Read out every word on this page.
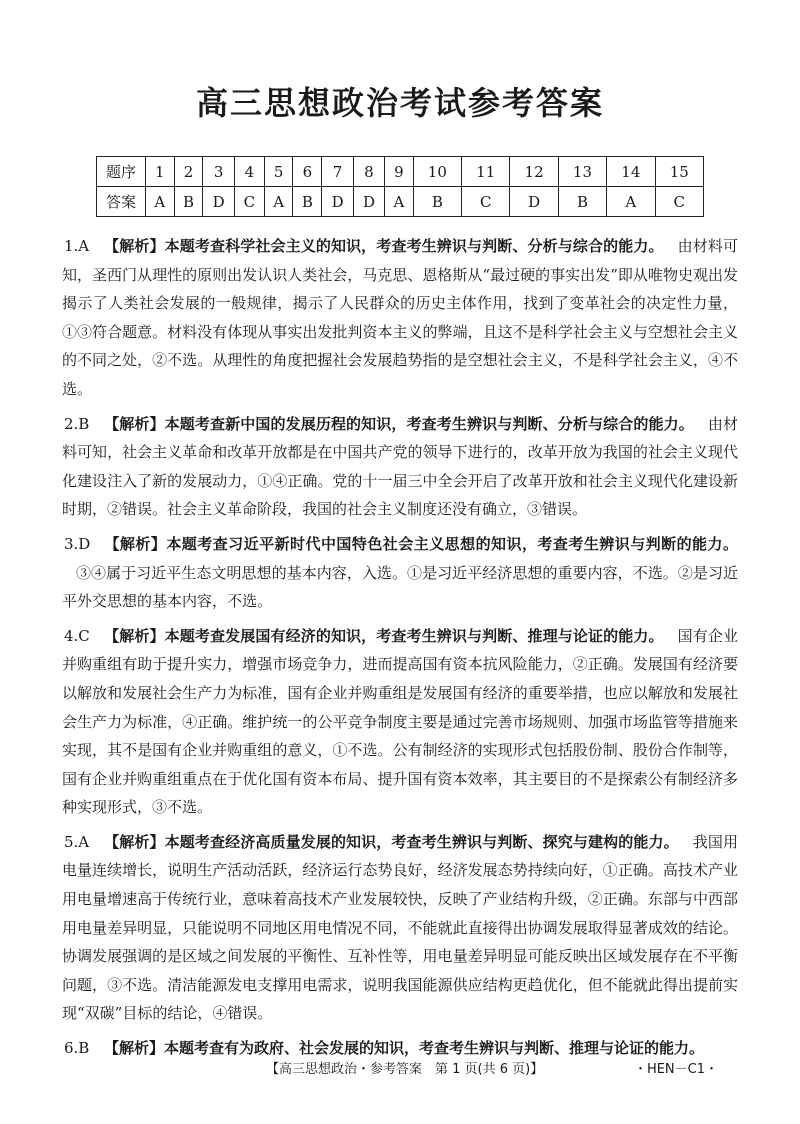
高三思想政治考试参考答案
题序	1	2	3	4	5	6	7	8	9	10	11	12	13	14	15
答案	A	B	D	C	A	B	D	D	A	B	C	D	B	A	C

1.A 【解析】本题考查科学社会主义的知识，考查考生辨识与判断、分析与综合的能力。 由材料可知，圣西门从理性的原则出发认识人类社会，马克思、恩格斯从“最过硬的事实出发”即从唯物史观出发揭示了人类社会发展的一般规律，揭示了人民群众的历史主体作用，找到了变革社会的决定性力量，①③符合题意。材料没有体现从事实出发批判资本主义的弊端，且这不是科学社会主义与空想社会主义的不同之处，②不选。从理性的角度把握社会发展趋势指的是空想社会主义，不是科学社会主义，④不选。

2.B 【解析】本题考查新中国的发展历程的知识，考查考生辨识与判断、分析与综合的能力。 由材料可知，社会主义革命和改革开放都是在中国共产党的领导下进行的，改革开放为我国的社会主义现代化建设注入了新的发展动力，①④正确。党的十一届三中全会开启了改革开放和社会主义现代化建设新时期，②错误。社会主义革命阶段，我国的社会主义制度还没有确立，③错误。

3.D 【解析】本题考查习近平新时代中国特色社会主义思想的知识，考查考生辨识与判断的能力。③④属于习近平生态文明思想的基本内容，入选。①是习近平经济思想的重要内容，不选。②是习近平外交思想的基本内容，不选。

4.C 【解析】本题考查发展国有经济的知识，考查考生辨识与判断、推理与论证的能力。 国有企业并购重组有助于提升实力，增强市场竞争力，进而提高国有资本抗风险能力，②正确。发展国有经济要以解放和发展社会生产力为标准，国有企业并购重组是发展国有经济的重要举措，也应以解放和发展社会生产力为标准，④正确。维护统一的公平竞争制度主要是通过完善市场规则、加强市场监管等措施来实现，其不是国有企业并购重组的意义，①不选。公有制经济的实现形式包括股份制、股份合作制等，国有企业并购重组重点在于优化国有资本布局、提升国有资本效率，其主要目的不是探索公有制经济多种实现形式，③不选。

5.A 【解析】本题考查经济高质量发展的知识，考查考生辨识与判断、探究与建构的能力。 我国用电量连续增长，说明生产活动活跃，经济运行态势良好，经济发展态势持续向好，①正确。高技术产业用电量增速高于传统行业，意味着高技术产业发展较快，反映了产业结构升级，②正确。东部与中西部用电量差异明显，只能说明不同地区用电情况不同，不能就此直接得出协调发展取得显著成效的结论。协调发展强调的是区域之间发展的平衡性、互补性等，用电量差异明显可能反映出区域发展存在不平衡问题，③不选。清洁能源发电支撑用电需求，说明我国能源供应结构更趋优化，但不能就此得出提前实现“双碳”目标的结论，④错误。

6.B 【解析】本题考查有为政府、社会发展的知识，考查考生辨识与判断、推理与论证的能力。

【高三思想政治・参考答案　第 1 页(共 6 页)】	・HEN－C1・
